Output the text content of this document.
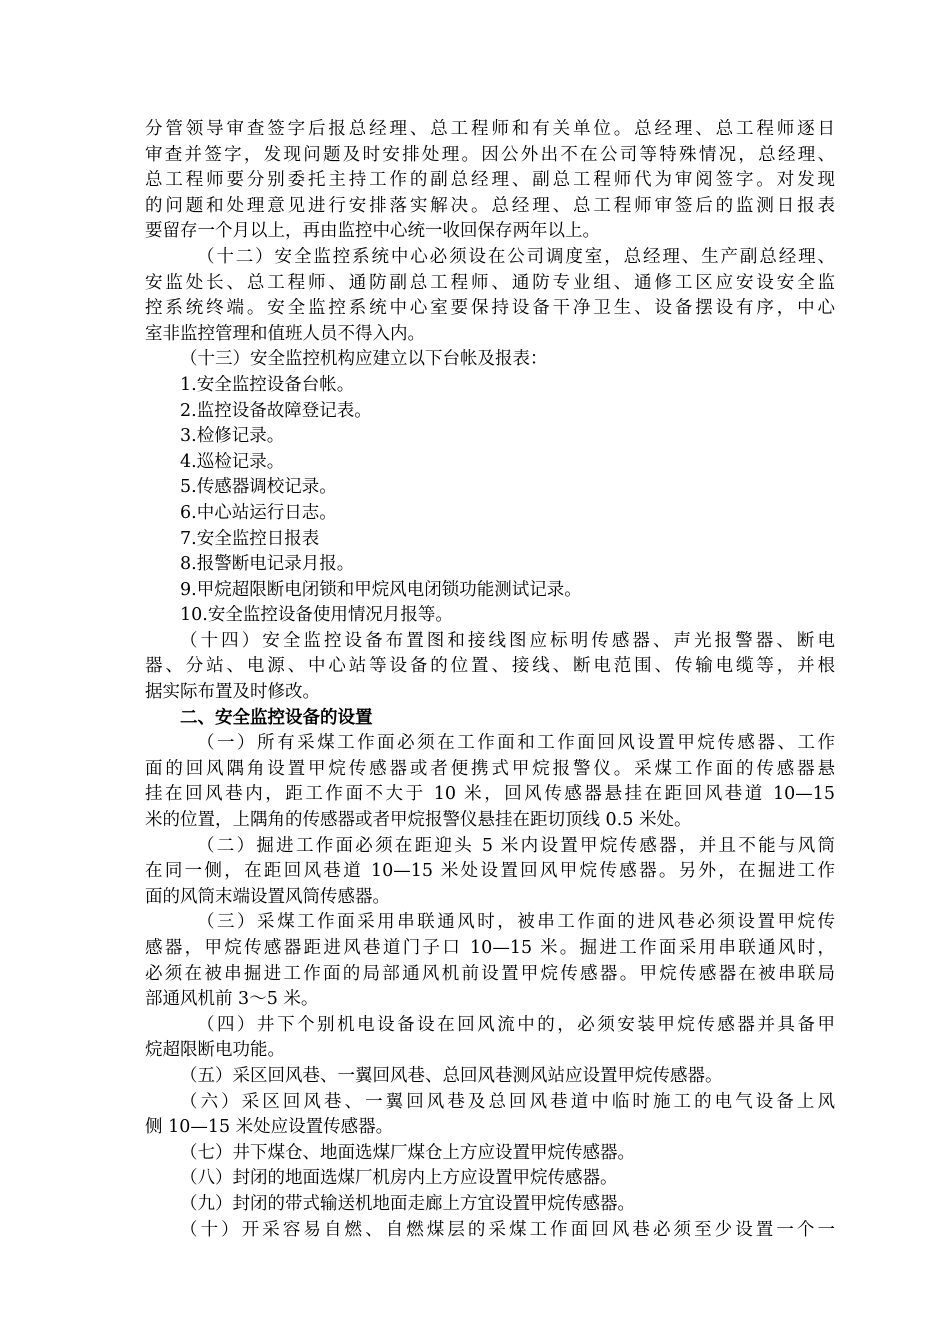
分管领导审查签字后报总经理、总工程师和有关单位。总经理、总工程师逐日
审查并签字，发现问题及时安排处理。因公外出不在公司等特殊情况，总经理、
总工程师要分别委托主持工作的副总经理、副总工程师代为审阅签字。对发现
的问题和处理意见进行安排落实解决。总经理、总工程师审签后的监测日报表
要留存一个月以上，再由监控中心统一收回保存两年以上。
（十二）安全监控系统中心必须设在公司调度室，总经理、生产副总经理、
安监处长、总工程师、通防副总工程师、通防专业组、通修工区应安设安全监
控系统终端。安全监控系统中心室要保持设备干净卫生、设备摆设有序，中心
室非监控管理和值班人员不得入内。
（十三）安全监控机构应建立以下台帐及报表：
1.安全监控设备台帐。
2.监控设备故障登记表。
3.检修记录。
4.巡检记录。
5.传感器调校记录。
6.中心站运行日志。
7.安全监控日报表
8.报警断电记录月报。
9.甲烷超限断电闭锁和甲烷风电闭锁功能测试记录。
10.安全监控设备使用情况月报等。
（十四）安全监控设备布置图和接线图应标明传感器、声光报警器、断电
器、分站、电源、中心站等设备的位置、接线、断电范围、传输电缆等，并根
据实际布置及时修改。
二、安全监控设备的设置
（一）所有采煤工作面必须在工作面和工作面回风设置甲烷传感器、工作
面的回风隅角设置甲烷传感器或者便携式甲烷报警仪。采煤工作面的传感器悬
挂在回风巷内，距工作面不大于 10 米，回风传感器悬挂在距回风巷道 10—15
米的位置，上隅角的传感器或者甲烷报警仪悬挂在距切顶线 0.5 米处。
（二）掘进工作面必须在距迎头 5 米内设置甲烷传感器，并且不能与风筒
在同一侧，在距回风巷道 10—15 米处设置回风甲烷传感器。另外，在掘进工作
面的风筒末端设置风筒传感器。
（三）采煤工作面采用串联通风时，被串工作面的进风巷必须设置甲烷传
感器，甲烷传感器距进风巷道门子口 10—15 米。掘进工作面采用串联通风时，
必须在被串掘进工作面的局部通风机前设置甲烷传感器。甲烷传感器在被串联局
部通风机前 3～5 米。
（四）井下个别机电设备设在回风流中的，必须安装甲烷传感器并具备甲
烷超限断电功能。
（五）采区回风巷、一翼回风巷、总回风巷测风站应设置甲烷传感器。
（六）采区回风巷、一翼回风巷及总回风巷道中临时施工的电气设备上风
侧 10—15 米处应设置传感器。
（七）井下煤仓、地面选煤厂煤仓上方应设置甲烷传感器。
（八）封闭的地面选煤厂机房内上方应设置甲烷传感器。
（九）封闭的带式输送机地面走廊上方宜设置甲烷传感器。
（十）开采容易自燃、自燃煤层的采煤工作面回风巷必须至少设置一个一
